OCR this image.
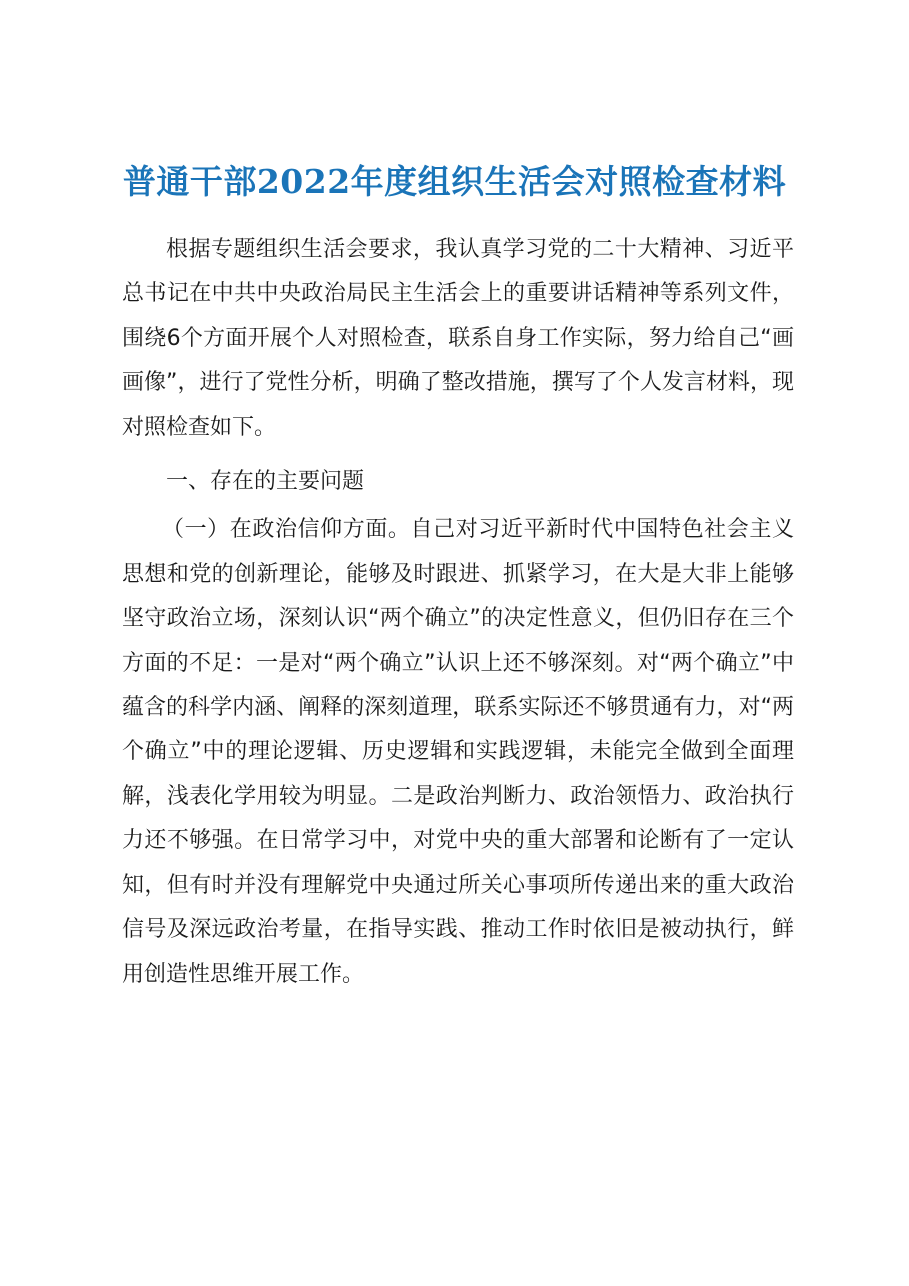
普通干部2022年度组织生活会对照检查材料

根据专题组织生活会要求，我认真学习党的二十大精神、习近平总书记在中共中央政治局民主生活会上的重要讲话精神等系列文件，围绕6个方面开展个人对照检查，联系自身工作实际，努力给自己“画画像”，进行了党性分析，明确了整改措施，撰写了个人发言材料，现对照检查如下。

一、存在的主要问题

（一）在政治信仰方面。自己对习近平新时代中国特色社会主义思想和党的创新理论，能够及时跟进、抓紧学习，在大是大非上能够坚守政治立场，深刻认识“两个确立”的决定性意义，但仍旧存在三个方面的不足：一是对“两个确立”认识上还不够深刻。对“两个确立”中蕴含的科学内涵、阐释的深刻道理，联系实际还不够贯通有力，对“两个确立”中的理论逻辑、历史逻辑和实践逻辑，未能完全做到全面理解，浅表化学用较为明显。二是政治判断力、政治领悟力、政治执行力还不够强。在日常学习中，对党中央的重大部署和论断有了一定认知，但有时并没有理解党中央通过所关心事项所传递出来的重大政治信号及深远政治考量，在指导实践、推动工作时依旧是被动执行，鲜用创造性思维开展工作。
